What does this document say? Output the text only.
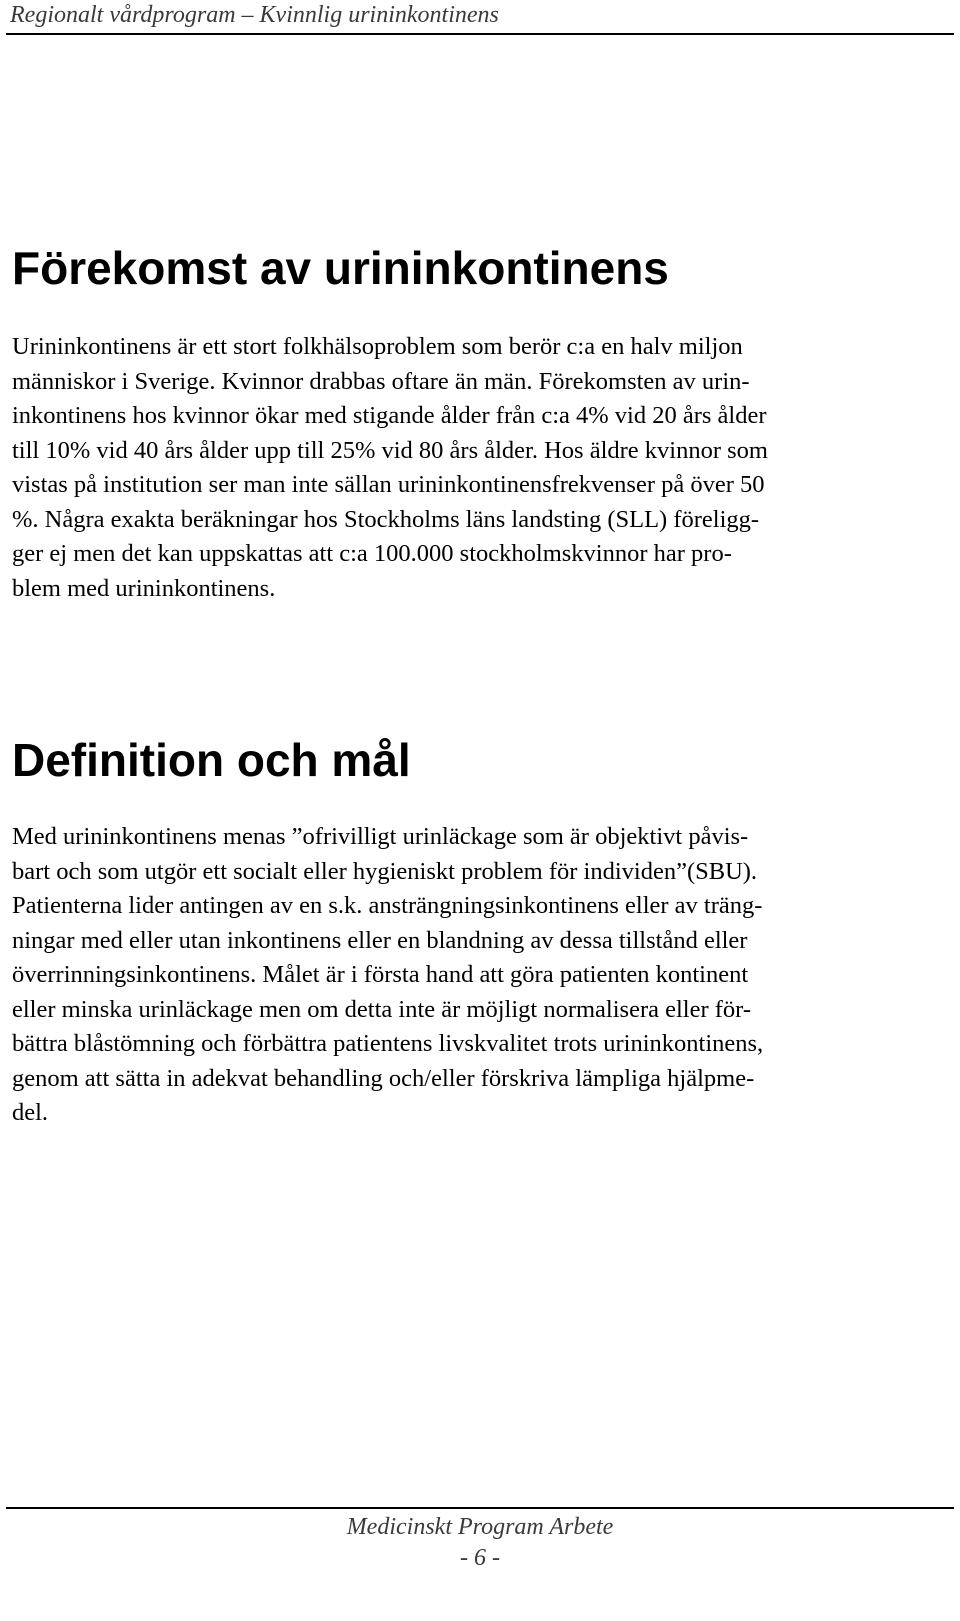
Regionalt vårdprogram – Kvinnlig urininkontinens
Förekomst av urininkontinens
Urininkontinens är ett stort folkhälsoproblem som berör c:a en halv miljon
människor i Sverige. Kvinnor drabbas oftare än män. Förekomsten av urin-
inkontinens hos kvinnor ökar med stigande ålder från c:a 4% vid 20 års ålder
till 10% vid 40 års ålder upp till 25% vid 80 års ålder. Hos äldre kvinnor som
vistas på institution ser man inte sällan urininkontinensfrekvenser på över 50
%. Några exakta beräkningar hos Stockholms läns landsting (SLL) föreligg-
ger ej men det kan uppskattas att c:a 100.000 stockholmskvinnor har pro-
blem med urininkontinens.
Definition och mål
Med urininkontinens menas ”ofrivilligt urinläckage som är objektivt påvis-
bart och som utgör ett socialt eller hygieniskt problem för individen”(SBU).
Patienterna lider antingen av en s.k. ansträngningsinkontinens eller av träng-
ningar med eller utan inkontinens eller en blandning av dessa tillstånd eller
överrinningsinkontinens. Målet är i första hand att göra patienten kontinent
eller minska urinläckage men om detta inte är möjligt normalisera eller för-
bättra blåstömning och förbättra patientens livskvalitet trots urininkontinens,
genom att sätta in adekvat behandling och/eller förskriva lämpliga hjälpme-
del.
Medicinskt Program Arbete
- 6 -
